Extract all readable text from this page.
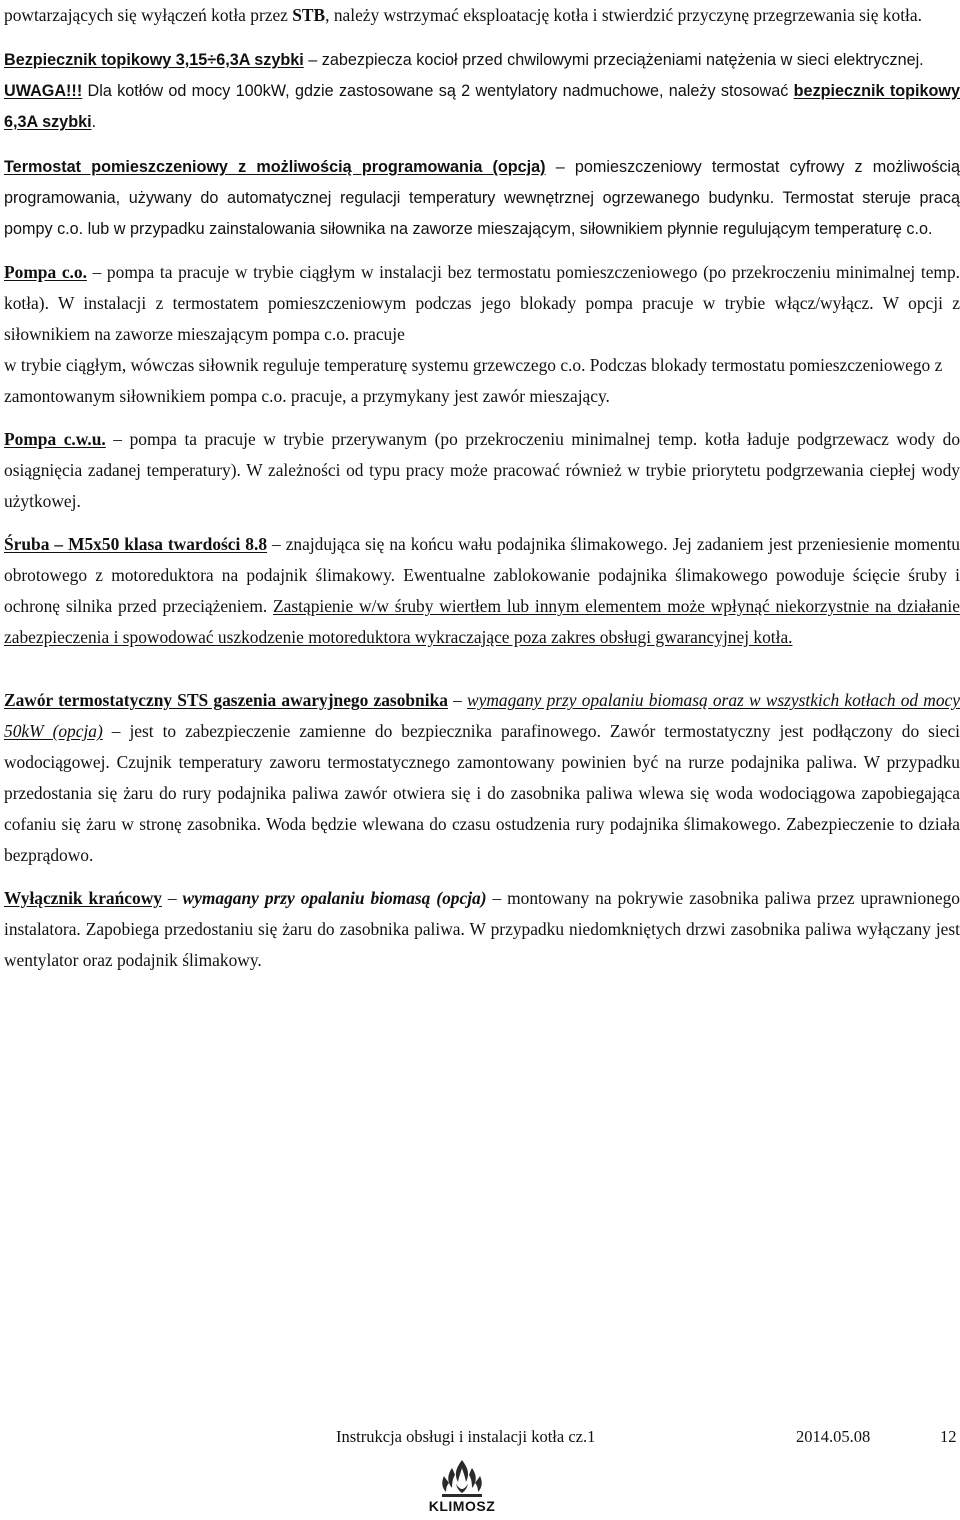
powtarzających się wyłączeń kotła przez STB, należy wstrzymać eksploatację kotła i stwierdzić przyczynę przegrzewania się kotła.

Bezpiecznik topikowy 3,15÷6,3A szybki – zabezpiecza kocioł przed chwilowymi przeciążeniami natężenia w sieci elektrycznej.

UWAGA!!! Dla kotłów od mocy 100kW, gdzie zastosowane są 2 wentylatory nadmuchowe, należy stosować bezpiecznik topikowy 6,3A szybki.

Termostat pomieszczeniowy z możliwością programowania (opcja) – pomieszczeniowy termostat cyfrowy z możliwością programowania, używany do automatycznej regulacji temperatury wewnętrznej ogrzewanego budynku. Termostat steruje pracą pompy c.o. lub w przypadku zainstalowania siłownika na zaworze mieszającym, siłownikiem płynnie regulującym temperaturę c.o.

Pompa c.o. – pompa ta pracuje w trybie ciągłym w instalacji bez termostatu pomieszczeniowego (po przekroczeniu minimalnej temp. kotła). W instalacji z termostatem pomieszczeniowym podczas jego blokady pompa pracuje w trybie włącz/wyłącz. W opcji z siłownikiem na zaworze mieszającym pompa c.o. pracuje

w trybie ciągłym, wówczas siłownik reguluje temperaturę systemu grzewczego c.o. Podczas blokady termostatu pomieszczeniowego z zamontowanym siłownikiem pompa c.o. pracuje, a przymykany jest zawór mieszający.

Pompa c.w.u. – pompa ta pracuje w trybie przerywanym (po przekroczeniu minimalnej temp. kotła ładuje podgrzewacz wody do osiągnięcia zadanej temperatury). W zależności od typu pracy może pracować również w trybie priorytetu podgrzewania ciepłej wody użytkowej.

Śruba – M5x50 klasa twardości 8.8 – znajdująca się na końcu wału podajnika ślimakowego. Jej zadaniem jest przeniesienie momentu obrotowego z motoreduktora na podajnik ślimakowy. Ewentualne zablokowanie podajnika ślimakowego powoduje ścięcie śruby i ochronę silnika przed przeciążeniem. Zastąpienie w/w śruby wiertłem lub innym elementem może wpłynąć niekorzystnie na działanie zabezpieczenia i spowodować uszkodzenie motoreduktora wykraczające poza zakres obsługi gwarancyjnej kotła.

Zawór termostatyczny STS gaszenia awaryjnego zasobnika – wymagany przy opalaniu biomasą oraz w wszystkich kotłach od mocy 50kW (opcja) – jest to zabezpieczenie zamienne do bezpiecznika parafinowego. Zawór termostatyczny jest podłączony do sieci wodociągowej. Czujnik temperatury zaworu termostatycznego zamontowany powinien być na rurze podajnika paliwa. W przypadku przedostania się żaru do rury podajnika paliwa zawór otwiera się i do zasobnika paliwa wlewa się woda wodociągowa zapobiegająca cofaniu się żaru w stronę zasobnika. Woda będzie wlewana do czasu ostudzenia rury podajnika ślimakowego. Zabezpieczenie to działa bezprądowo.

Wyłącznik krańcowy – wymagany przy opalaniu biomasą (opcja) – montowany na pokrywie zasobnika paliwa przez uprawnionego instalatora. Zapobiega przedostaniu się żaru do zasobnika paliwa. W przypadku niedomkniętych drzwi zasobnika paliwa wyłączany jest wentylator oraz podajnik ślimakowy.

Instrukcja obsługi i instalacji kotła cz.1	2014.05.08	12
KLIMOSZ
